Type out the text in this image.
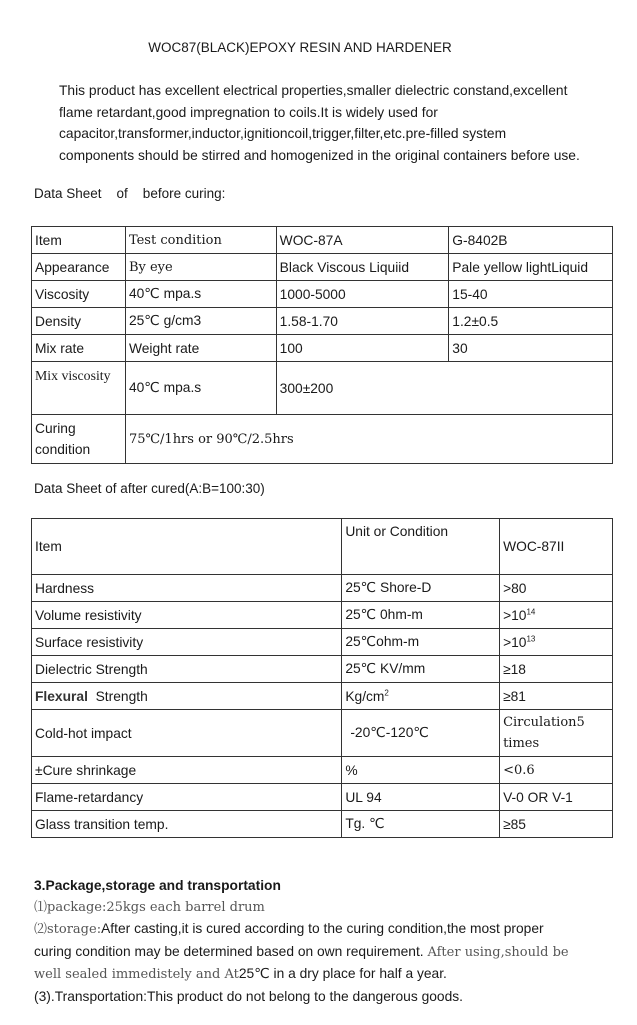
WOC87(BLACK)EPOXY RESIN AND HARDENER

This product has excellent electrical properties,smaller dielectric constand,excellent

flame retardant,good impregnation to coils.It is widely used for

capacitor,transformer,inductor,ignitioncoil,trigger,filter,etc.pre-filled system

components should be stirred and homogenized in the original containers before use.

Data Sheet    of    before curing:
Item	Test condition	WOC-87A	G-8402B
Appearance	By eye	Black Viscous Liquiid	Pale yellow lightLiquid
Viscosity	40℃ mpa.s	1000-5000	15-40
Density	25℃ g/cm3	1.58-1.70	1.2±0.5
Mix rate	Weight rate	100	30
Mix viscosity	40℃ mpa.s	300±200	
Curing condition	75℃/1hrs or 90℃/2.5hrs		
Data Sheet of after cured(A:B=100:30)
Item	Unit or Condition	WOC-87II
Hardness	25℃ Shore-D	>80
Volume resistivity	25℃ 0hm-m	$>10^{14}$
Surface resistivity	25℃ohm-m	$>10^{13}$
Dielectric Strength	25℃ KV/mm	≥18
Flexural Strength	$Kg/cm^2$	≥81
Cold-hot impact	-20℃-120℃	Circulation5 times
±Cure shrinkage	%	<0.6
Flame-retardancy	UL 94	V-0 OR V-1
Glass transition temp.	Tg. ℃	≥85

3.Package,storage and transportation

⑴package:25kgs each barrel drum

⑵storage:After casting,it is cured according to the curing condition,the most proper

curing condition may be determined based on own requirement. After using,should be

well sealed immedistely and At25℃ in a dry place for half a year.

(3).Transportation:This product do not belong to the dangerous goods.
